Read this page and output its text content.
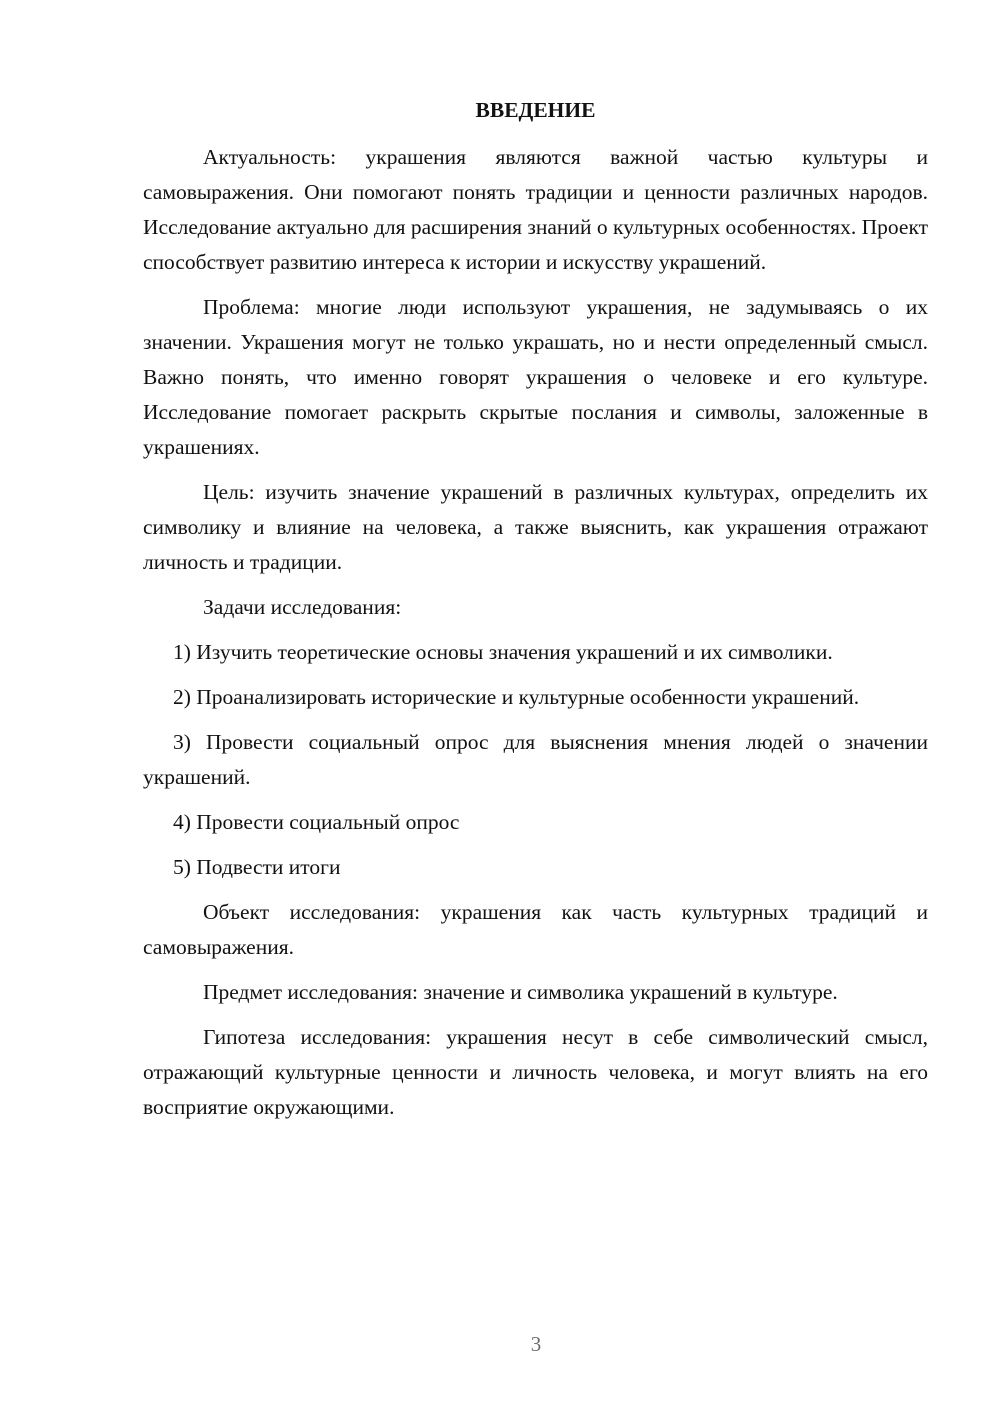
ВВЕДЕНИЕ

Актуальность: украшения являются важной частью культуры и самовыражения. Они помогают понять традиции и ценности различных народов. Исследование актуально для расширения знаний о культурных особенностях. Проект способствует развитию интереса к истории и искусству украшений.

Проблема: многие люди используют украшения, не задумываясь о их значении. Украшения могут не только украшать, но и нести определенный смысл. Важно понять, что именно говорят украшения о человеке и его культуре. Исследование помогает раскрыть скрытые послания и символы, заложенные в украшениях.

Цель: изучить значение украшений в различных культурах, определить их символику и влияние на человека, а также выяснить, как украшения отражают личность и традиции.

Задачи исследования:

1) Изучить теоретические основы значения украшений и их символики.

2) Проанализировать исторические и культурные особенности украшений.

3) Провести социальный опрос для выяснения мнения людей о значении украшений.

4) Провести социальный опрос

5) Подвести итоги

Объект исследования: украшения как часть культурных традиций и самовыражения.

Предмет исследования: значение и символика украшений в культуре.

Гипотеза исследования: украшения несут в себе символический смысл, отражающий культурные ценности и личность человека, и могут влиять на его восприятие окружающими.

3
